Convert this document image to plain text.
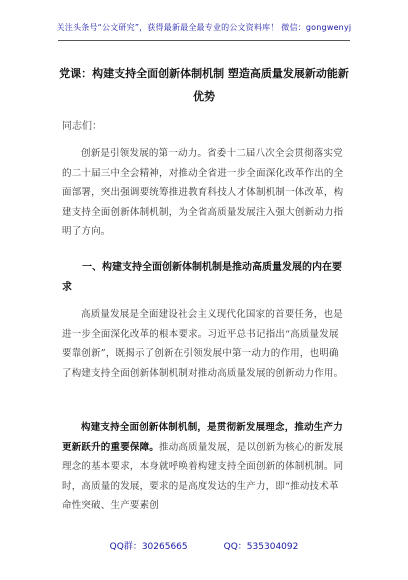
关注头条号“公文研究”，获得最新最全最专业的公文资料库！ 微信：gongwenyj
党课：构建支持全面创新体制机制 塑造高质量发展新动能新优势
同志们：

创新是引领发展的第一动力。省委十二届八次全会贯彻落实党的二十届三中全会精神，对推动全省进一步全面深化改革作出的全面部署，突出强调要统筹推进教育科技人才体制机制一体改革，构建支持全面创新体制机制，为全省高质量发展注入强大创新动力指明了方向。

一、构建支持全面创新体制机制是推动高质量发展的内在要求

高质量发展是全面建设社会主义现代化国家的首要任务，也是进一步全面深化改革的根本要求。习近平总书记指出“高质量发展要靠创新”，既揭示了创新在引领发展中第一动力的作用，也明确了构建支持全面创新体制机制对推动高质量发展的创新动力作用。

构建支持全面创新体制机制，是贯彻新发展理念，推动生产力更新跃升的重要保障。推动高质量发展，是以创新为核心的新发展理念的基本要求，本身就呼唤着构建支持全面创新的体制机制。同时，高质量的发展，要求的是高度发达的生产力，即“推动技术革命性突破、生产要素创

QQ群：30265665	QQ：535304092
